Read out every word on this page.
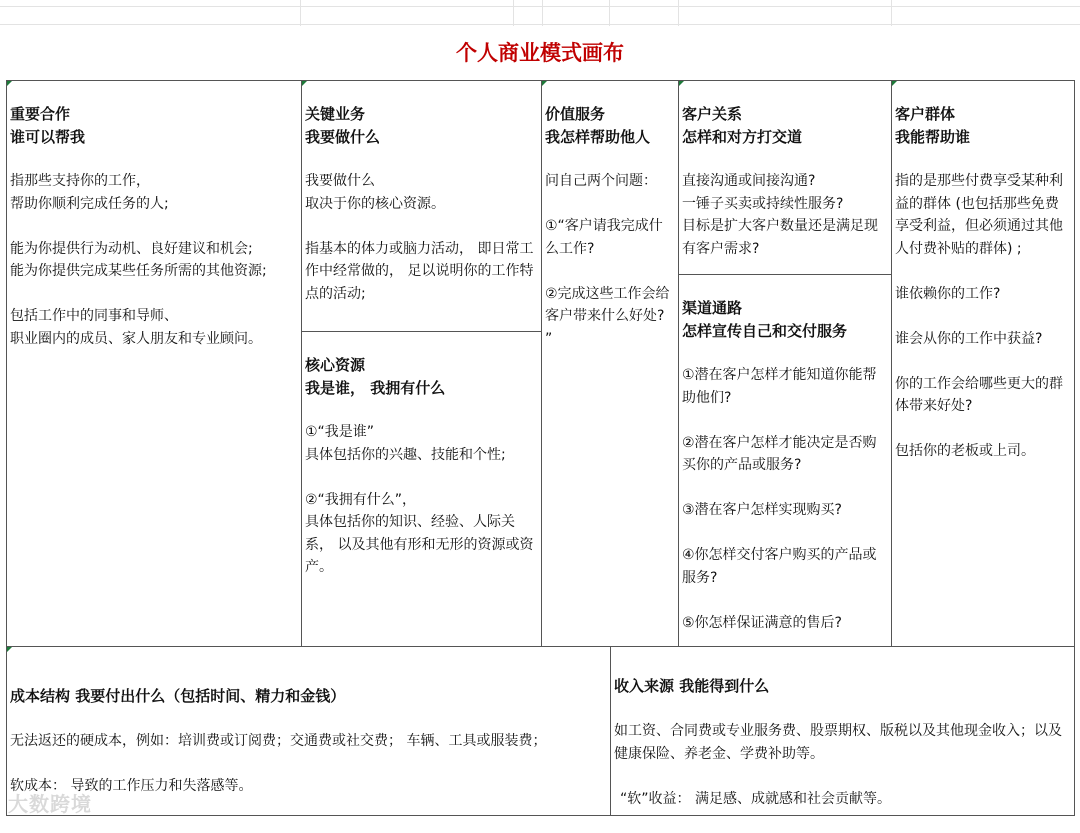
个人商业模式画布
重要合作
谁可以帮我

指那些支持你的工作，
帮助你顺利完成任务的人;

能为你提供行为动机、良好建议和机会;
能为你提供完成某些任务所需的其他资源;

包括工作中的同事和导师、
职业圈内的成员、家人朋友和专业顾问。

关键业务
我要做什么

我要做什么
取决于你的核心资源。

指基本的体力或脑力活动， 即日常工作中经常做的， 足以说明你的工作特点的活动;

核心资源
我是谁， 我拥有什么

①“我是谁”
具体包括你的兴趣、技能和个性;

②“我拥有什么”，
具体包括你的知识、经验、人际关系， 以及其他有形和无形的资源或资产。

价值服务
我怎样帮助他人

问自己两个问题：

①“客户请我完成什么工作?

②完成这些工作会给客户带来什么好处? ”

客户关系
怎样和对方打交道

直接沟通或间接沟通?
一锤子买卖或持续性服务?
目标是扩大客户数量还是满足现有客户需求?

渠道通路
怎样宣传自己和交付服务

①潜在客户怎样才能知道你能帮助他们?

②潜在客户怎样才能决定是否购买你的产品或服务?

③潜在客户怎样实现购买?

④你怎样交付客户购买的产品或服务?

⑤你怎样保证满意的售后?

客户群体
我能帮助谁

指的是那些付费享受某种利益的群体 (也包括那些免费享受利益，但必须通过其他人付费补贴的群体) ;

谁依赖你的工作?

谁会从你的工作中获益?

你的工作会给哪些更大的群体带来好处?

包括你的老板或上司。

成本结构 我要付出什么（包括时间、精力和金钱）

无法返还的硬成本，例如：培训费或订阅费；交通费或社交费； 车辆、工具或服装费；

软成本： 导致的工作压力和失落感等。

收入来源 我能得到什么

如工资、合同费或专业服务费、股票期权、版税以及其他现金收入；以及健康保险、养老金、学费补助等。

“软”收益： 满足感、成就感和社会贡献等。

大数跨境
